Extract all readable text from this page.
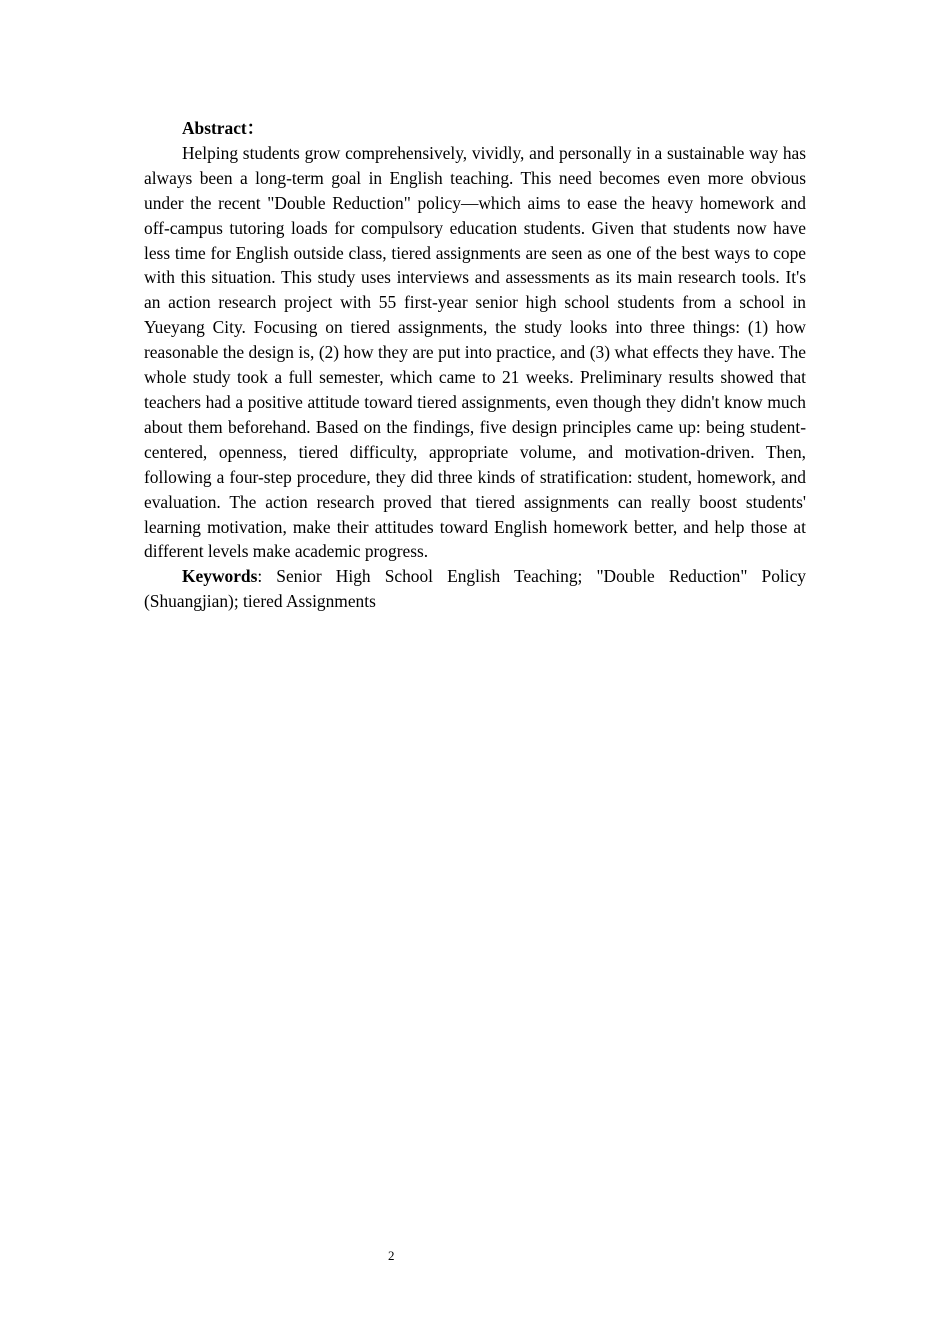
Abstract：

Helping students grow comprehensively, vividly, and personally in a sustainable way has always been a long-term goal in English teaching. This need becomes even more obvious under the recent "Double Reduction" policy—which aims to ease the heavy homework and off-campus tutoring loads for compulsory education students. Given that students now have less time for English outside class, tiered assignments are seen as one of the best ways to cope with this situation. This study uses interviews and assessments as its main research tools. It's an action research project with 55 first-year senior high school students from a school in Yueyang City. Focusing on tiered assignments, the study looks into three things: (1) how reasonable the design is, (2) how they are put into practice, and (3) what effects they have. The whole study took a full semester, which came to 21 weeks. Preliminary results showed that teachers had a positive attitude toward tiered assignments, even though they didn't know much about them beforehand. Based on the findings, five design principles came up: being student-centered, openness, tiered difficulty, appropriate volume, and motivation-driven. Then, following a four-step procedure, they did three kinds of stratification: student, homework, and evaluation. The action research proved that tiered assignments can really boost students' learning motivation, make their attitudes toward English homework better, and help those at different levels make academic progress.

Keywords: Senior High School English Teaching; "Double Reduction" Policy (Shuangjian); tiered Assignments

2
